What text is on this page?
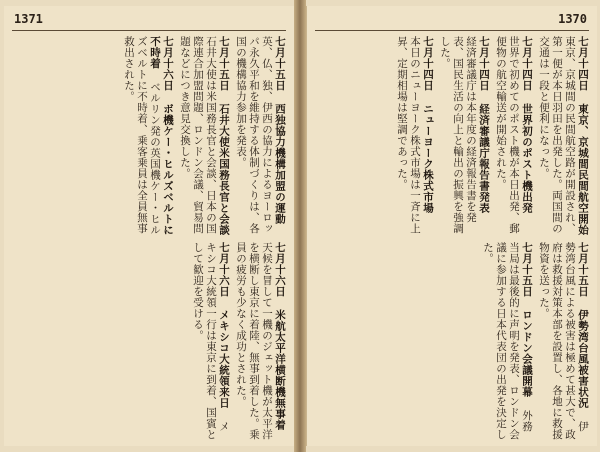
1371
七月十五日 西独協力機構加盟の運動 英、仏、独、伊西の協力によるヨーロッパ永久平和を維持する体制づくりは、各国の機構協力参加を発表。
七月十五日 石井大使米国務長官と会談 石井大使は米国務長官と会談、日本の国際連合加盟問題、ロンドン会議、貿易問題などにつき意見交換した。
七月十六日 ボ機ケー・ヒルズベルトに不時着 ベルリン発の英国機ケー・ヒルズベルトに不時着、乗客乗員は全員無事救出された。
七月十六日 米航太平洋横断機無事着 天候を冒して一機のジェット機が太平洋を横断し東京に着陸、無事到着した。乗員の疲労も少なく成功とされた。
七月十六日 メキシコ大統領来日 メキシコ大統領一行は東京に到着、国賓として歓迎を受ける。
1370
七月十四日 東京、京城間民間航空開始 東京、京城間の民間航空路が開設され、第一便が本日羽田を出発した。両国間の交通は一段と便利になった。
七月十四日 世界初のポスト機出発 世界で初めてのポスト機が本日出発、郵便物の航空輸送が開始された。
七月十四日 経済審議庁報告書発表 経済審議庁は本年度の経済報告書を発表、国民生活の向上と輸出の振興を強調した。
七月十四日 ニューヨーク株式市場 本日のニューヨーク株式市場は一斉に上昇、定期相場は堅調であった。
七月十五日 伊勢湾台風被害状況 伊勢湾台風による被害は極めて甚大で、政府は救援対策本部を設置し、各地に救援物資を送った。
七月十五日 ロンドン会議開幕 外務当局は最後的に声明を発表、ロンドン会議に参加する日本代表団の出発を決定した。
